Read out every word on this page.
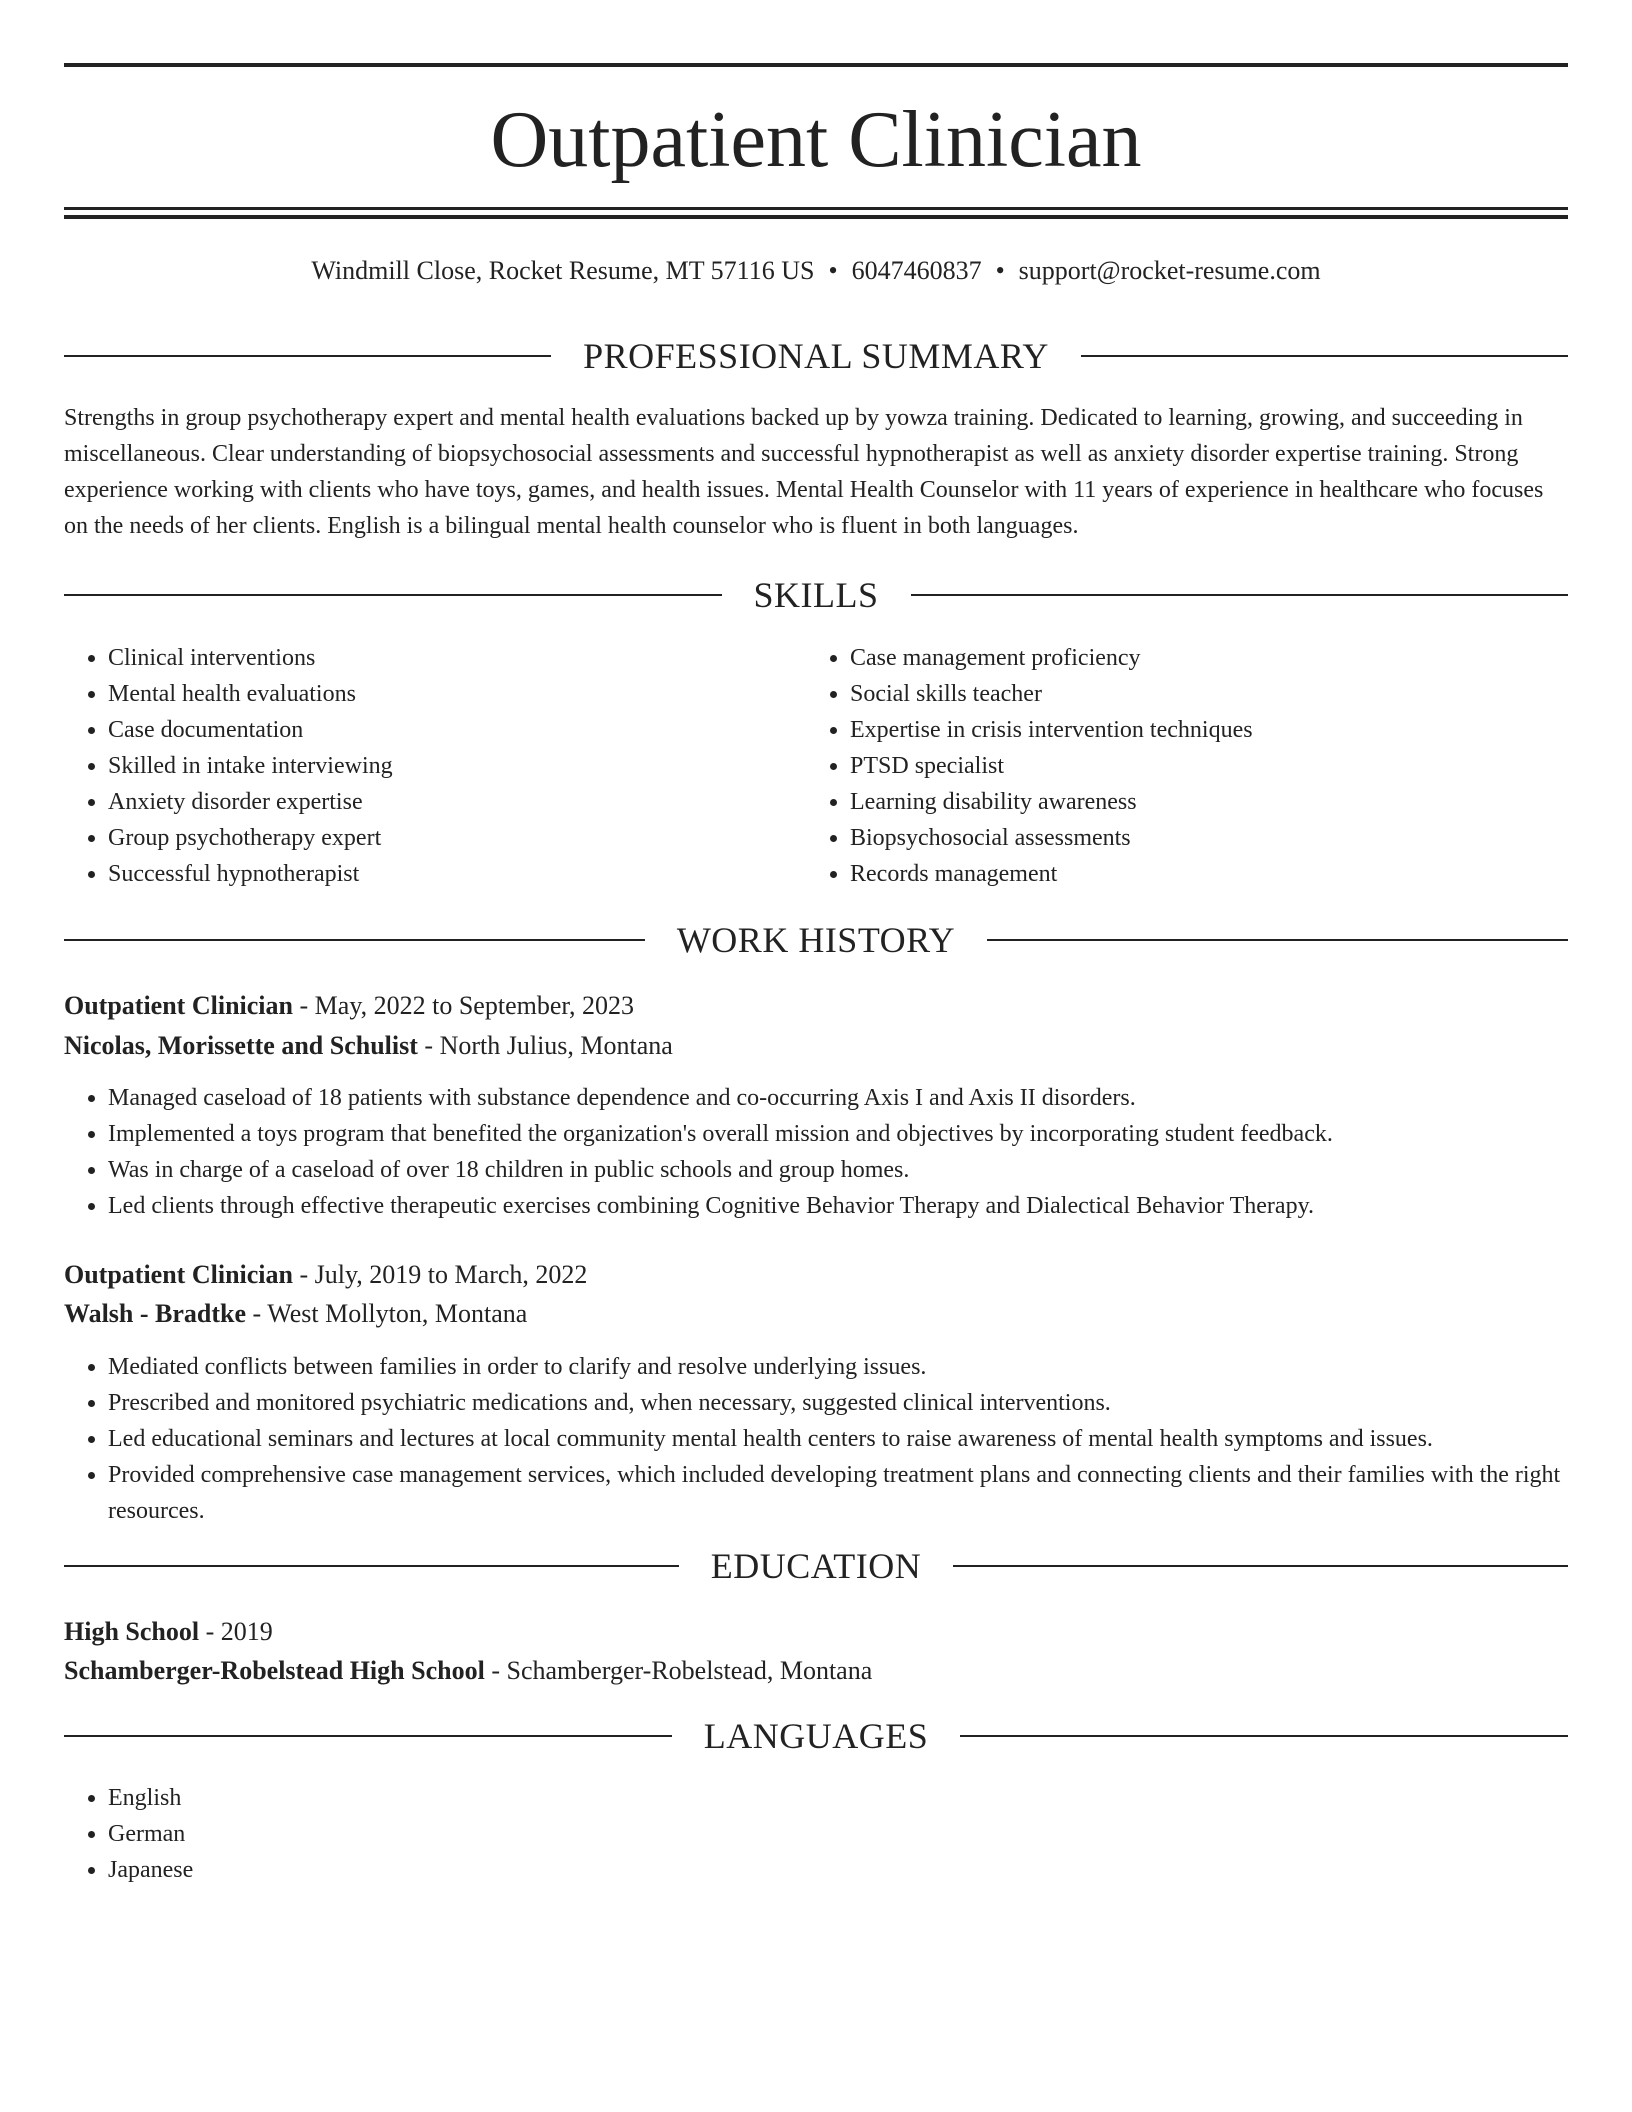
Outpatient Clinician
Windmill Close, Rocket Resume, MT 57116 US • 6047460837 • support@rocket-resume.com
PROFESSIONAL SUMMARY

Strengths in group psychotherapy expert and mental health evaluations backed up by yowza training. Dedicated to learning, growing, and succeeding in miscellaneous. Clear understanding of biopsychosocial assessments and successful hypnotherapist as well as anxiety disorder expertise training. Strong experience working with clients who have toys, games, and health issues. Mental Health Counselor with 11 years of experience in healthcare who focuses on the needs of her clients. English is a bilingual mental health counselor who is fluent in both languages.

SKILLS
• Clinical interventions
• Mental health evaluations
• Case documentation
• Skilled in intake interviewing
• Anxiety disorder expertise
• Group psychotherapy expert
• Successful hypnotherapist
• Case management proficiency
• Social skills teacher
• Expertise in crisis intervention techniques
• PTSD specialist
• Learning disability awareness
• Biopsychosocial assessments
• Records management
WORK HISTORY
Outpatient Clinician - May, 2022 to September, 2023
Nicolas, Morissette and Schulist - North Julius, Montana
• Managed caseload of 18 patients with substance dependence and co-occurring Axis I and Axis II disorders.
• Implemented a toys program that benefited the organization's overall mission and objectives by incorporating student feedback.
• Was in charge of a caseload of over 18 children in public schools and group homes.
• Led clients through effective therapeutic exercises combining Cognitive Behavior Therapy and Dialectical Behavior Therapy.
Outpatient Clinician - July, 2019 to March, 2022
Walsh - Bradtke - West Mollyton, Montana
• Mediated conflicts between families in order to clarify and resolve underlying issues.
• Prescribed and monitored psychiatric medications and, when necessary, suggested clinical interventions.
• Led educational seminars and lectures at local community mental health centers to raise awareness of mental health symptoms and issues.
• Provided comprehensive case management services, which included developing treatment plans and connecting clients and their families with the right resources.
EDUCATION
High School - 2019
Schamberger-Robelstead High School - Schamberger-Robelstead, Montana
LANGUAGES
• English
• German
• Japanese
